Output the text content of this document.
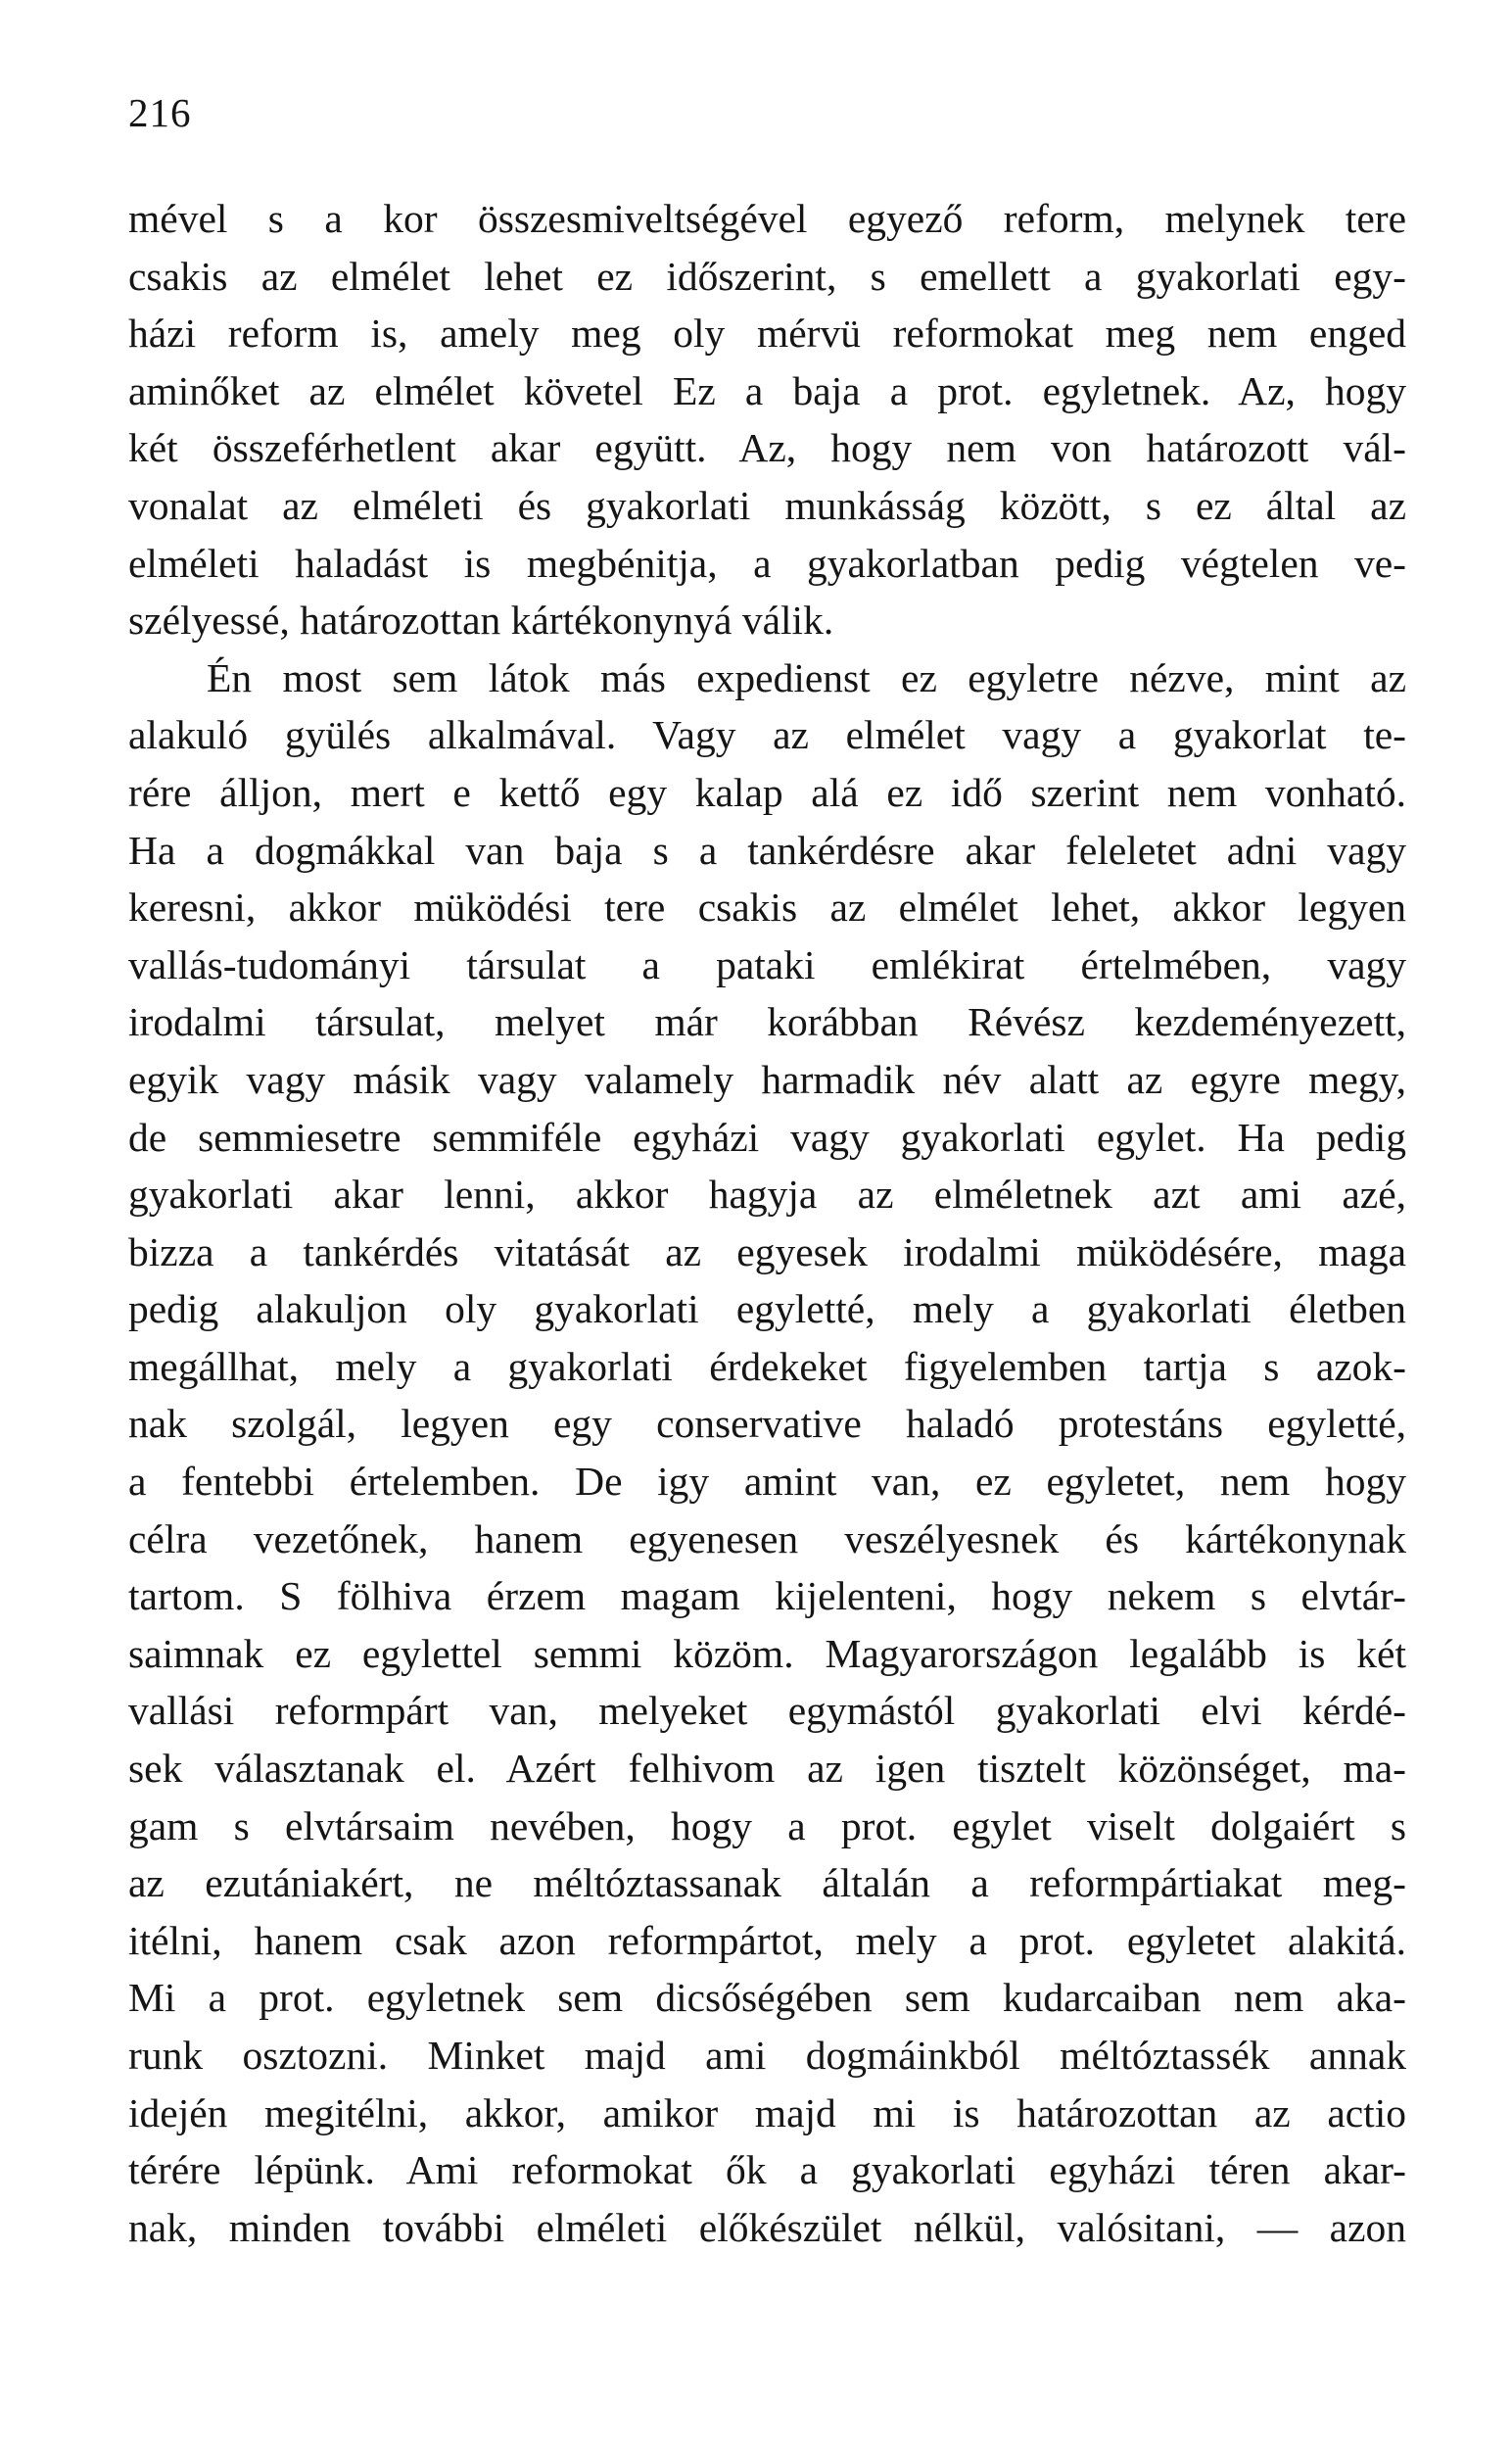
216
mével s a kor összesmiveltségével egyező reform, melynek tere
csakis az elmélet lehet ez időszerint, s emellett a gyakorlati egy-
házi reform is, amely meg oly mérvü reformokat meg nem enged
aminőket az elmélet követel Ez a baja a prot. egyletnek. Az, hogy
két összeférhetlent akar együtt. Az, hogy nem von határozott vál-
vonalat az elméleti és gyakorlati munkásság között, s ez által az
elméleti haladást is megbénitja, a gyakorlatban pedig végtelen ve-
szélyessé, határozottan kártékonynyá válik.
Én most sem látok más expedienst ez egyletre nézve, mint az
alakuló gyülés alkalmával. Vagy az elmélet vagy a gyakorlat te-
rére álljon, mert e kettő egy kalap alá ez idő szerint nem vonható.
Ha a dogmákkal van baja s a tankérdésre akar feleletet adni vagy
keresni, akkor müködési tere csakis az elmélet lehet, akkor legyen
vallás-tudományi társulat a pataki emlékirat értelmében, vagy
irodalmi társulat, melyet már korábban Révész kezdeményezett,
egyik vagy másik vagy valamely harmadik név alatt az egyre megy,
de semmiesetre semmiféle egyházi vagy gyakorlati egylet. Ha pedig
gyakorlati akar lenni, akkor hagyja az elméletnek azt ami azé,
bizza a tankérdés vitatását az egyesek irodalmi müködésére, maga
pedig alakuljon oly gyakorlati egyletté, mely a gyakorlati életben
megállhat, mely a gyakorlati érdekeket figyelemben tartja s azok-
nak szolgál, legyen egy conservative haladó protestáns egyletté,
a fentebbi értelemben. De igy amint van, ez egyletet, nem hogy
célra vezetőnek, hanem egyenesen veszélyesnek és kártékonynak
tartom. S fölhiva érzem magam kijelenteni, hogy nekem s elvtár-
saimnak ez egylettel semmi közöm. Magyarországon legalább is két
vallási reformpárt van, melyeket egymástól gyakorlati elvi kérdé-
sek választanak el. Azért felhivom az igen tisztelt közönséget, ma-
gam s elvtársaim nevében, hogy a prot. egylet viselt dolgaiért s
az ezutániakért, ne méltóztassanak általán a reformpártiakat meg-
itélni, hanem csak azon reformpártot, mely a prot. egyletet alakitá.
Mi a prot. egyletnek sem dicsőségében sem kudarcaiban nem aka-
runk osztozni. Minket majd ami dogmáinkból méltóztassék annak
idején megitélni, akkor, amikor majd mi is határozottan az actio
térére lépünk. Ami reformokat ők a gyakorlati egyházi téren akar-
nak, minden további elméleti előkészület nélkül, valósitani, — azon
